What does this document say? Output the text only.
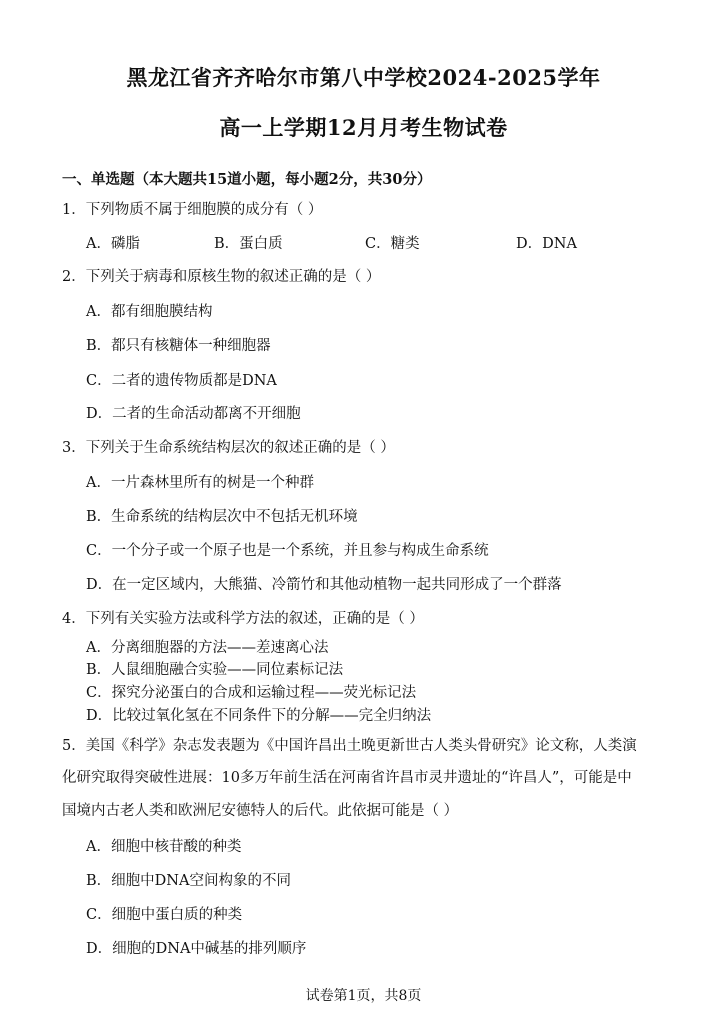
黑龙江省齐齐哈尔市第八中学校2024-2025学年
高一上学期12月月考生物试卷
一、单选题（本大题共15道小题，每小题2分，共30分）
1．下列物质不属于细胞膜的成分有（ ）
A．磷脂	B．蛋白质	C．糖类	D．DNA
2．下列关于病毒和原核生物的叙述正确的是（ ）
A．都有细胞膜结构
B．都只有核糖体一种细胞器
C．二者的遗传物质都是DNA
D．二者的生命活动都离不开细胞
3．下列关于生命系统结构层次的叙述正确的是（ ）
A．一片森林里所有的树是一个种群
B．生命系统的结构层次中不包括无机环境
C．一个分子或一个原子也是一个系统，并且参与构成生命系统
D．在一定区域内，大熊猫、冷箭竹和其他动植物一起共同形成了一个群落
4．下列有关实验方法或科学方法的叙述，正确的是（ ）
A．分离细胞器的方法——差速离心法
B．人鼠细胞融合实验——同位素标记法
C．探究分泌蛋白的合成和运输过程——荧光标记法
D．比较过氧化氢在不同条件下的分解——完全归纳法
5．美国《科学》杂志发表题为《中国许昌出土晚更新世古人类头骨研究》论文称，人类演
化研究取得突破性进展：10多万年前生活在河南省许昌市灵井遗址的“许昌人”，可能是中
国境内古老人类和欧洲尼安德特人的后代。此依据可能是（ ）
A．细胞中核苷酸的种类
B．细胞中DNA空间构象的不同
C．细胞中蛋白质的种类
D．细胞的DNA中碱基的排列顺序
试卷第1页，共8页
